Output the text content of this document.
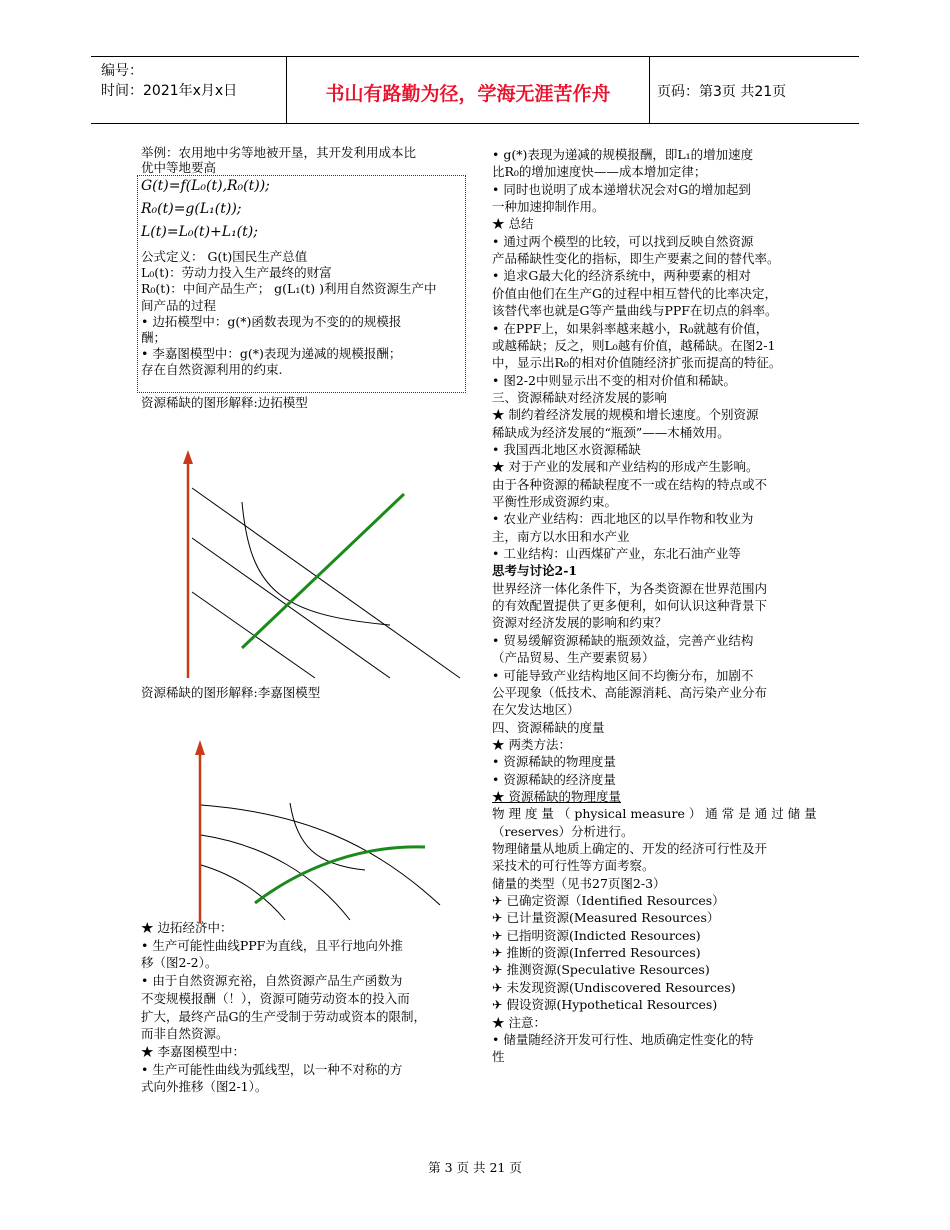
编号：
时间：2021年x月x日	书山有路勤为径，学海无涯苦作舟	页码：第3页 共21页
举例：农用地中劣等地被开垦，其开发利用成本比
优中等地要高
G(t)=f(L₀(t),R₀(t));
R₀(t)=g(L₁(t));
L(t)=L₀(t)+L₁(t);
公式定义： G(t)国民生产总值
L₀(t)：劳动力投入生产最终的财富
R₀(t)：中间产品生产； g(L₁(t) )利用自然资源生产中
间产品的过程
• 边拓模型中：g(*)函数表现为不变的的规模报
酬；
• 李嘉图模型中：g(*)表现为递减的规模报酬；
存在自然资源利用的约束.
资源稀缺的图形解释:边拓模型
资源稀缺的图形解释:李嘉图模型
★ 边拓经济中：
• 生产可能性曲线PPF为直线，且平行地向外推
移（图2-2）。
• 由于自然资源充裕，自然资源产品生产函数为
不变规模报酬（！），资源可随劳动资本的投入而
扩大，最终产品G的生产受制于劳动或资本的限制，
而非自然资源。
★ 李嘉图模型中：
• 生产可能性曲线为弧线型，以一种不对称的方
式向外推移（图2-1）。
• g(*)表现为递减的规模报酬，即L₁的增加速度
比R₀的增加速度快——成本增加定律；
• 同时也说明了成本递增状况会对G的增加起到
一种加速抑制作用。
★ 总结
• 通过两个模型的比较，可以找到反映自然资源
产品稀缺性变化的指标，即生产要素之间的替代率。
• 追求G最大化的经济系统中，两种要素的相对
价值由他们在生产G的过程中相互替代的比率决定，
该替代率也就是G等产量曲线与PPF在切点的斜率。
• 在PPF上，如果斜率越来越小，R₀就越有价值，
或越稀缺；反之，则L₀越有价值，越稀缺。在图2-1
中，显示出R₀的相对价值随经济扩张而提高的特征。
• 图2-2中则显示出不变的相对价值和稀缺。
三、资源稀缺对经济发展的影响
★ 制约着经济发展的规模和增长速度。个别资源
稀缺成为经济发展的“瓶颈”——木桶效用。
• 我国西北地区水资源稀缺
★ 对于产业的发展和产业结构的形成产生影响。
由于各种资源的稀缺程度不一或在结构的特点或不
平衡性形成资源约束。
• 农业产业结构：西北地区的以旱作物和牧业为
主，南方以水田和水产业
• 工业结构：山西煤矿产业，东北石油产业等
思考与讨论2-1
世界经济一体化条件下，为各类资源在世界范围内
的有效配置提供了更多便利，如何认识这种背景下
资源对经济发展的影响和约束？
• 贸易缓解资源稀缺的瓶颈效益，完善产业结构
（产品贸易、生产要素贸易）
• 可能导致产业结构地区间不均衡分布，加剧不
公平现象（低技术、高能源消耗、高污染产业分布
在欠发达地区）
四、资源稀缺的度量
★ 两类方法：
• 资源稀缺的物理度量
• 资源稀缺的经济度量
★ 资源稀缺的物理度量
物 理 度 量 （ physical measure ） 通 常 是 通 过 储 量
（reserves）分析进行。
物理储量从地质上确定的、开发的经济可行性及开
采技术的可行性等方面考察。
储量的类型（见书27页图2-3）
✈ 已确定资源（Identified Resources）
✈ 已计量资源(Measured Resources）
✈ 已指明资源(Indicted Resources)
✈ 推断的资源(Inferred Resources)
✈ 推测资源(Speculative Resources)
✈ 未发现资源(Undiscovered Resources)
✈ 假设资源(Hypothetical Resources)
★ 注意：
• 储量随经济开发可行性、地质确定性变化的特
性
第 3 页 共 21 页
